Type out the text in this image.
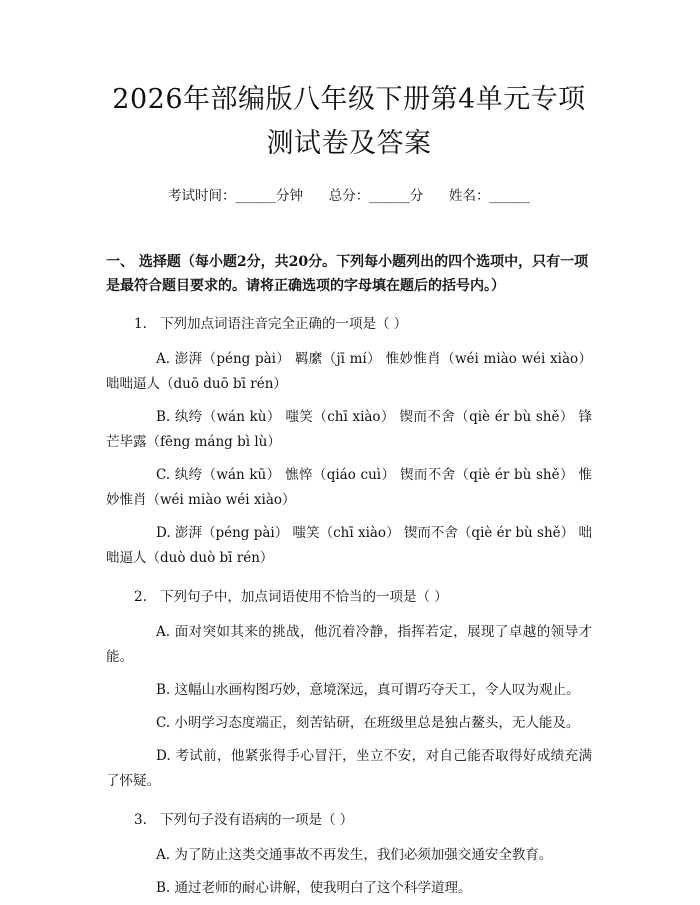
2026年部编版八年级下册第4单元专项测试卷及答案
考试时间：______分钟      总分：______分      姓名：______
一、 选择题（每小题2分，共20分。下列每小题列出的四个选项中，只有一项是最符合题目要求的。请将正确选项的字母填在题后的括号内。）
1. 下列加点词语注音完全正确的一项是（ ）

A. 澎湃（péng pài） 羁縻（jī mí） 惟妙惟肖（wéi miào wéi xiào） 咄咄逼人（duō duō bī rén）

B. 纨绔（wán kù） 嗤笑（chī xiào） 锲而不舍（qiè ér bù shě） 锋芒毕露（fēng máng bì lù）

C. 纨绔（wán kū） 憔悴（qiáo cuì） 锲而不舍（qiè ér bù shě） 惟妙惟肖（wéi miào wéi xiào）

D. 澎湃（péng pài） 嗤笑（chī xiào） 锲而不舍（qiè ér bù shě） 咄咄逼人（duò duò bī rén）

2. 下列句子中，加点词语使用不恰当的一项是（ ）

A. 面对突如其来的挑战，他沉着冷静，指挥若定，展现了卓越的领导才能。

B. 这幅山水画构图巧妙，意境深远，真可谓巧夺天工，令人叹为观止。

C. 小明学习态度端正，刻苦钻研，在班级里总是独占鳌头，无人能及。

D. 考试前，他紧张得手心冒汗，坐立不安，对自己能否取得好成绩充满了怀疑。

3. 下列句子没有语病的一项是（ ）

A. 为了防止这类交通事故不再发生，我们必须加强交通安全教育。

B. 通过老师的耐心讲解，使我明白了这个科学道理。
